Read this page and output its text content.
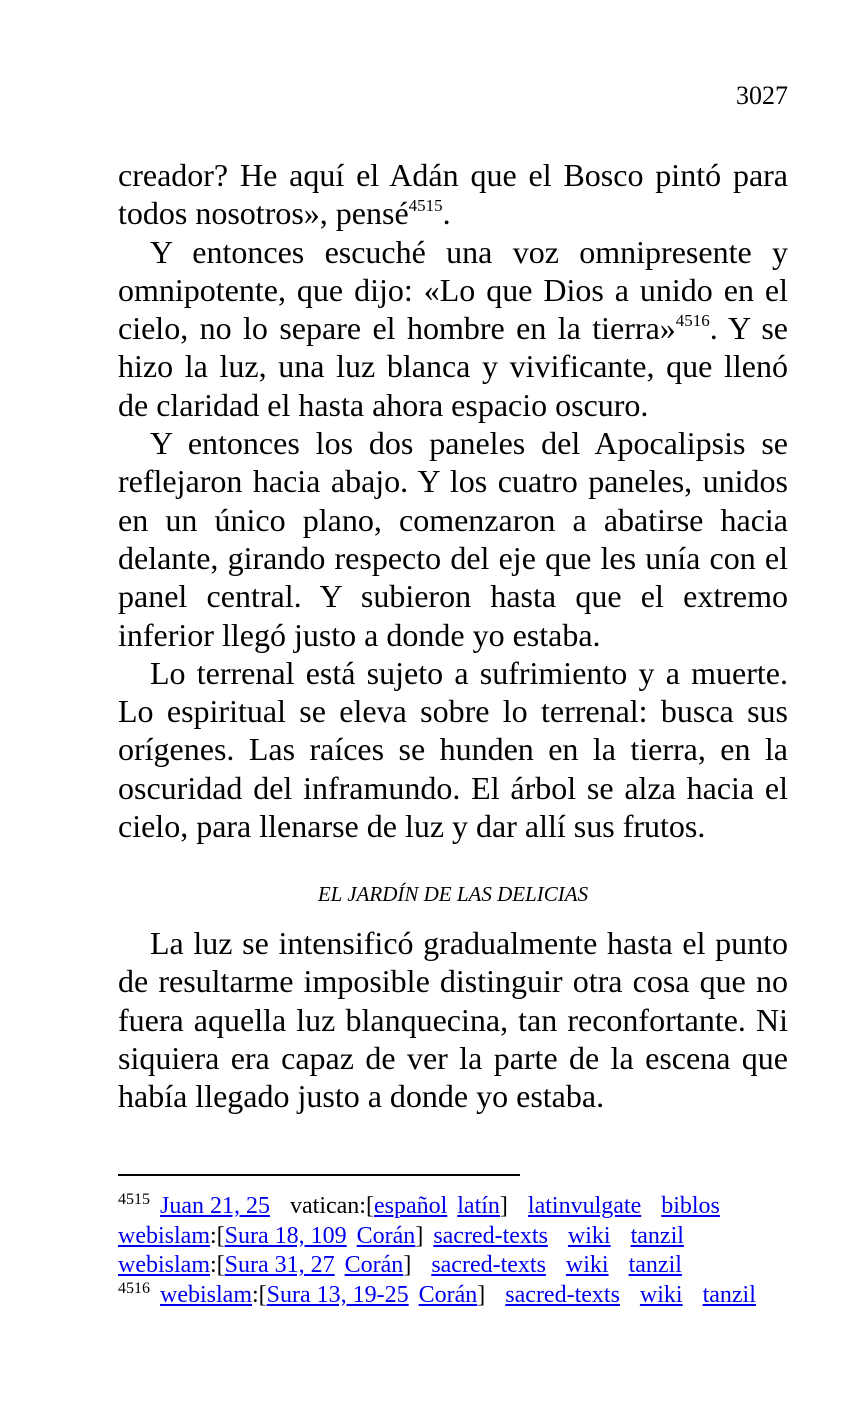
3027

creador? He aquí el Adán que el Bosco pintó para todos nosotros», pensé$^{4515}$.

Y entonces escuché una voz omnipresente y omnipotente, que dijo: «Lo que Dios a unido en el cielo, no lo separe el hombre en la tierra»$^{4516}$. Y se hizo la luz, una luz blanca y vivificante, que llenó de claridad el hasta ahora espacio oscuro.

Y entonces los dos paneles del Apocalipsis se reflejaron hacia abajo. Y los cuatro paneles, unidos en un único plano, comenzaron a abatirse hacia delante, girando respecto del eje que les unía con el panel central. Y subieron hasta que el extremo inferior llegó justo a donde yo estaba.

Lo terrenal está sujeto a sufrimiento y a muerte. Lo espiritual se eleva sobre lo terrenal: busca sus orígenes. Las raíces se hunden en la tierra, en la oscuridad del inframundo. El árbol se alza hacia el cielo, para llenarse de luz y dar allí sus frutos.

EL JARDÍN DE LAS DELICIAS

La luz se intensificó gradualmente hasta el punto de resultarme imposible distinguir otra cosa que no fuera aquella luz blanquecina, tan reconfortante. Ni siquiera era capaz de ver la parte de la escena que había llegado justo a donde yo estaba.

$^{4515}$ Juan 21, 25 vatican:[español latín] latinvulgate biblos
webislam:[Sura 18, 109 Corán] sacred-texts wiki tanzil
webislam:[Sura 31, 27 Corán] sacred-texts wiki tanzil
$^{4516}$ webislam:[Sura 13, 19-25 Corán] sacred-texts wiki tanzil
